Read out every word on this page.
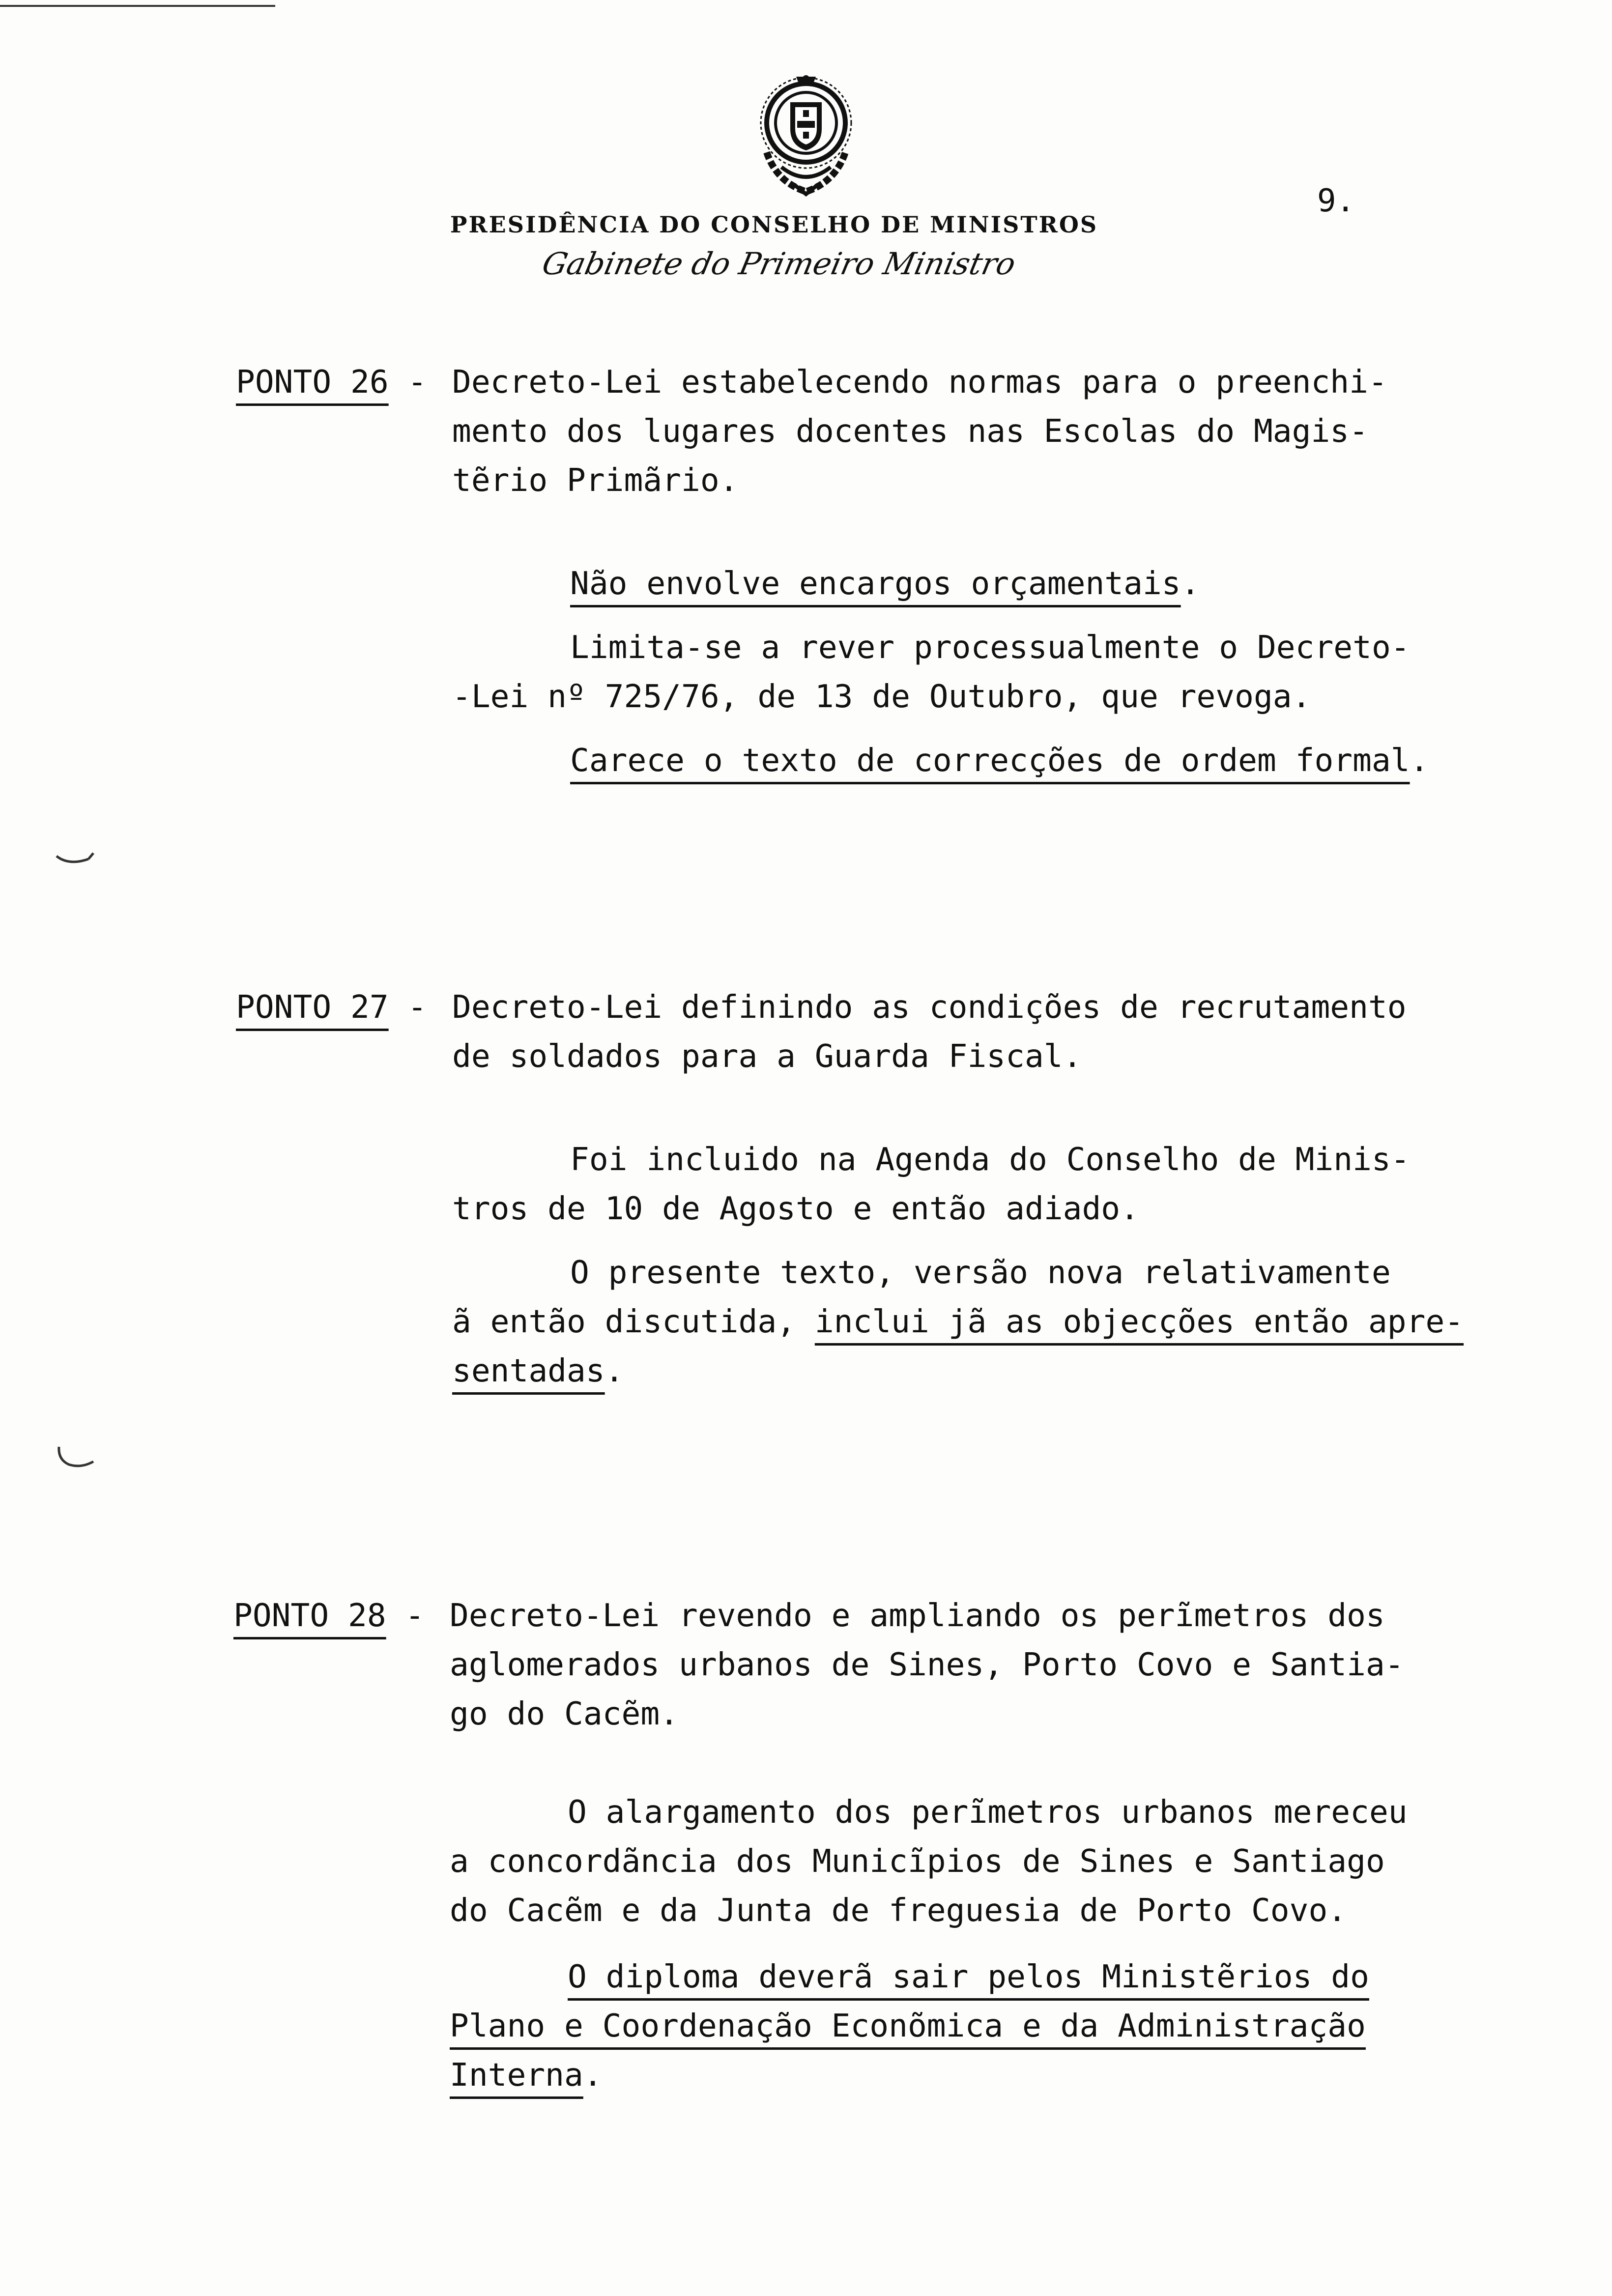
PRESIDÊNCIA DO CONSELHO DE MINISTROS
Gabinete do Primeiro Ministro
9.
PONTO 26 - Decreto-Lei estabelecendo normas para o preenchi-
mento dos lugares docentes nas Escolas do Magis-
tẽrio Primãrio.
Não envolve encargos orçamentais.
Limita-se a rever processualmente o Decreto-
-Lei nº 725/76, de 13 de Outubro, que revoga.
Carece o texto de correcções de ordem formal.
PONTO 27 - Decreto-Lei definindo as condições de recrutamento
de soldados para a Guarda Fiscal.
Foi incluido na Agenda do Conselho de Minis-
tros de 10 de Agosto e então adiado.
O presente texto, versão nova relativamente
ã então discutida, inclui jã as objecções então apre-
sentadas.
PONTO 28 - Decreto-Lei revendo e ampliando os perĩmetros dos
aglomerados urbanos de Sines, Porto Covo e Santia-
go do Cacẽm.
O alargamento dos perĩmetros urbanos mereceu
a concordãncia dos Municĩpios de Sines e Santiago
do Cacẽm e da Junta de freguesia de Porto Covo.
O diploma deverã sair pelos Ministẽrios do
Plano e Coordenação Econõmica e da Administração
Interna.
